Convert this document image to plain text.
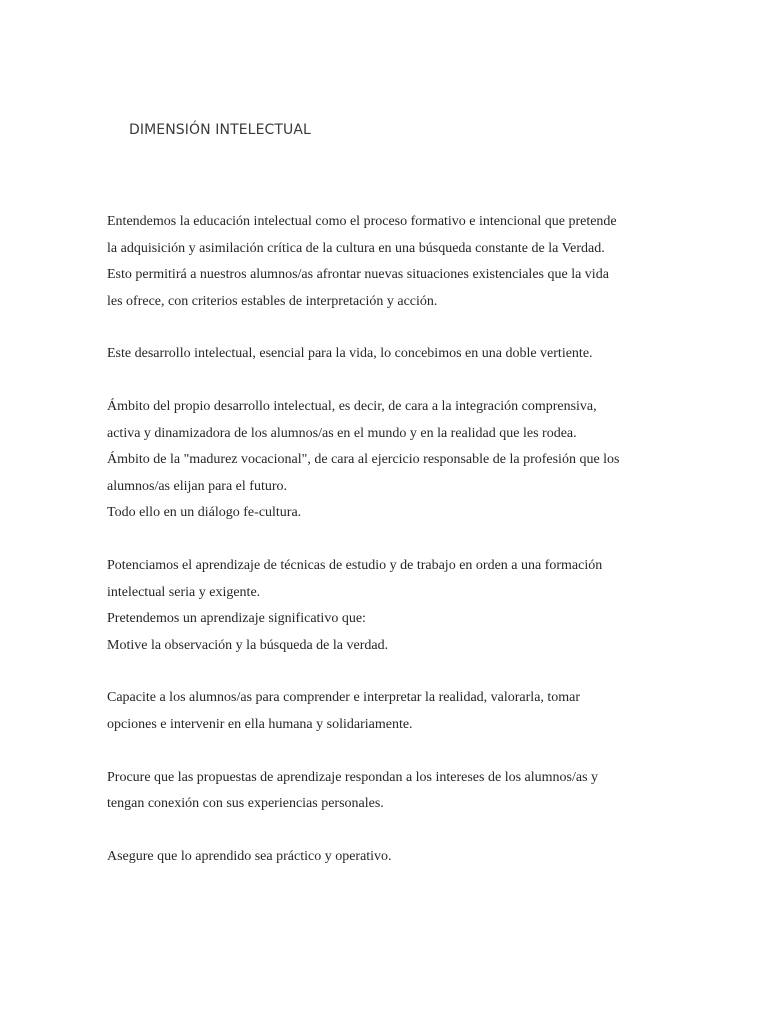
DIMENSIÓN INTELECTUAL

Entendemos la educación intelectual como el proceso formativo e intencional que pretende
la adquisición y asimilación crítica de la cultura en una búsqueda constante de la Verdad.
Esto permitirá a nuestros alumnos/as afrontar nuevas situaciones existenciales que la vida
les ofrece, con criterios estables de interpretación y acción.

Este desarrollo intelectual, esencial para la vida, lo concebimos en una doble vertiente.

Ámbito del propio desarrollo intelectual, es decir, de cara a la integración comprensiva,
activa y dinamizadora de los alumnos/as en el mundo y en la realidad que les rodea.
Ámbito de la "madurez vocacional", de cara al ejercicio responsable de la profesión que los
alumnos/as elijan para el futuro.
Todo ello en un diálogo fe-cultura.

Potenciamos el aprendizaje de técnicas de estudio y de trabajo en orden a una formación
intelectual seria y exigente.
Pretendemos un aprendizaje significativo que:
Motive la observación y la búsqueda de la verdad.

Capacite a los alumnos/as para comprender e interpretar la realidad, valorarla, tomar
opciones e intervenir en ella humana y solidariamente.

Procure que las propuestas de aprendizaje respondan a los intereses de los alumnos/as y
tengan conexión con sus experiencias personales.

Asegure que lo aprendido sea práctico y operativo.
